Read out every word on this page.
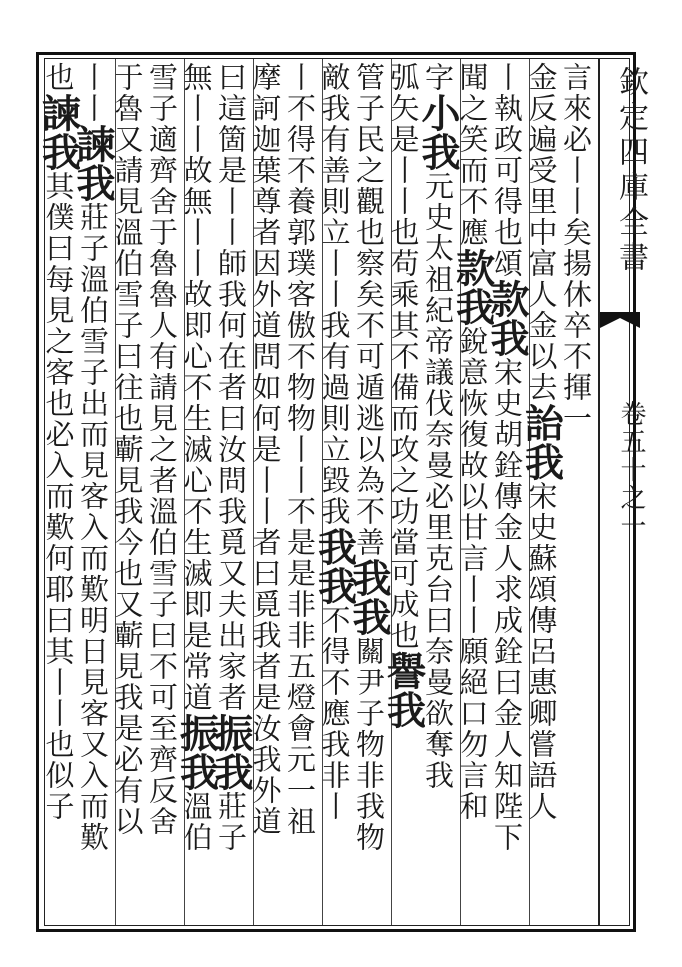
欽定四庫全書
卷五十之一
言來必丨丨矣揚休卒不揮一
金反遍受里中富人金以去詒我宋史蘇頌傳呂惠卿嘗語人
丨執政可得也頌款我宋史胡銓傳金人求成銓曰金人知陛下
聞之笑而不應款我銳意恢復故以甘言丨丨願絕口勿言和
字小我元史太祖紀帝議伐奈曼必里克台曰奈曼欲奪我
弧矢是丨丨也苟乘其不備而攻之功當可成也譽我
管子民之觀也察矣不可遁逃以為不善我我關尹子物非我物
敵我有善則立丨丨我有過則立毀我我我不得不應我非丨
丨不得不養郭璞客傲不物物丨丨不是是非非五燈會元一祖
摩訶迦葉尊者因外道問如何是丨丨者曰覓我者是汝我外道
曰這箇是丨丨師我何在者曰汝問我覓又夫出家者振我莊子
無丨丨故無丨丨故即心不生滅心不生滅即是常道振我溫伯
雪子適齊舍于魯魯人有請見之者溫伯雪子曰不可至齊反舍
于魯又請見溫伯雪子曰往也蘄見我今也又蘄見我是必有以
丨丨諫我莊子溫伯雪子出而見客入而歎明日見客又入而歎
也諫我其僕曰每見之客也必入而歎何耶曰其丨丨也似子
